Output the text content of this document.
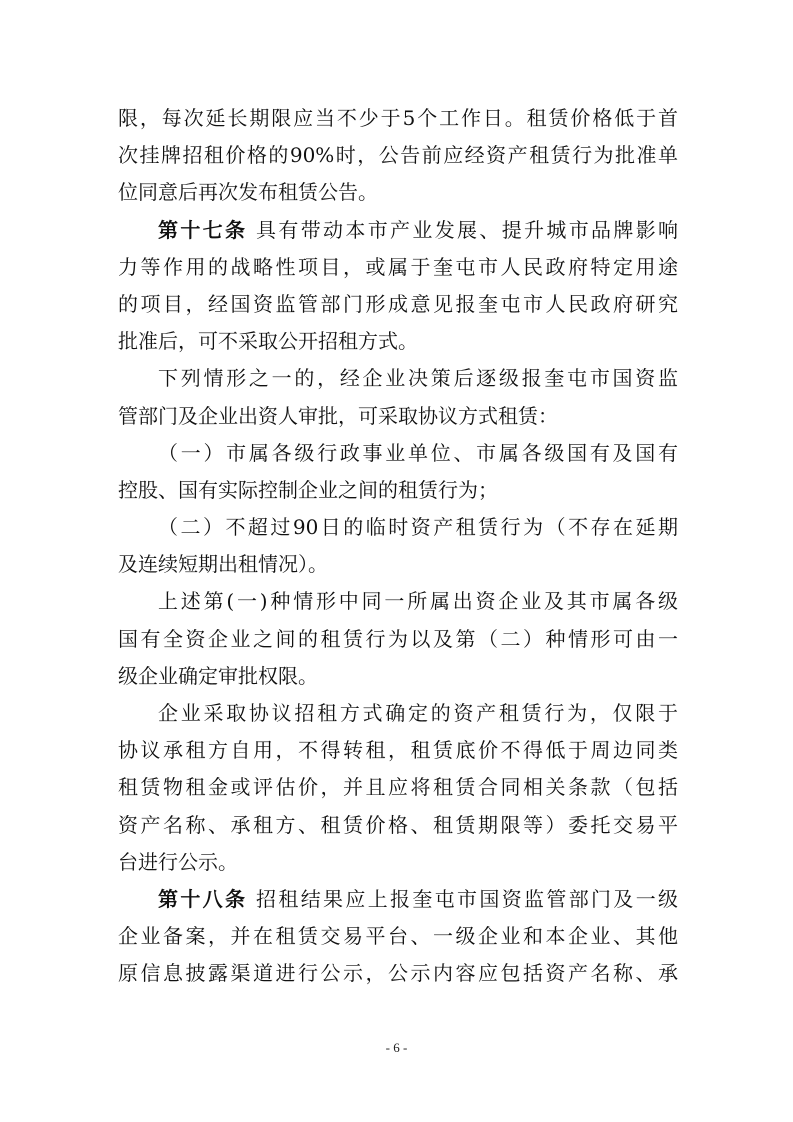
限，每次延长期限应当不少于5个工作日。租赁价格低于首
次挂牌招租价格的90%时，公告前应经资产租赁行为批准单
位同意后再次发布租赁公告。
第十七条 具有带动本市产业发展、提升城市品牌影响
力等作用的战略性项目，或属于奎屯市人民政府特定用途
的项目，经国资监管部门形成意见报奎屯市人民政府研究
批准后，可不采取公开招租方式。
下列情形之一的，经企业决策后逐级报奎屯市国资监
管部门及企业出资人审批，可采取协议方式租赁：
（一）市属各级行政事业单位、市属各级国有及国有
控股、国有实际控制企业之间的租赁行为；
（二）不超过90日的临时资产租赁行为（不存在延期
及连续短期出租情况）。
上述第(一)种情形中同一所属出资企业及其市属各级
国有全资企业之间的租赁行为以及第（二）种情形可由一
级企业确定审批权限。
企业采取协议招租方式确定的资产租赁行为，仅限于
协议承租方自用，不得转租，租赁底价不得低于周边同类
租赁物租金或评估价，并且应将租赁合同相关条款（包括
资产名称、承租方、租赁价格、租赁期限等）委托交易平
台进行公示。
第十八条 招租结果应上报奎屯市国资监管部门及一级
企业备案，并在租赁交易平台、一级企业和本企业、其他
原信息披露渠道进行公示，公示内容应包括资产名称、承
- 6 -
